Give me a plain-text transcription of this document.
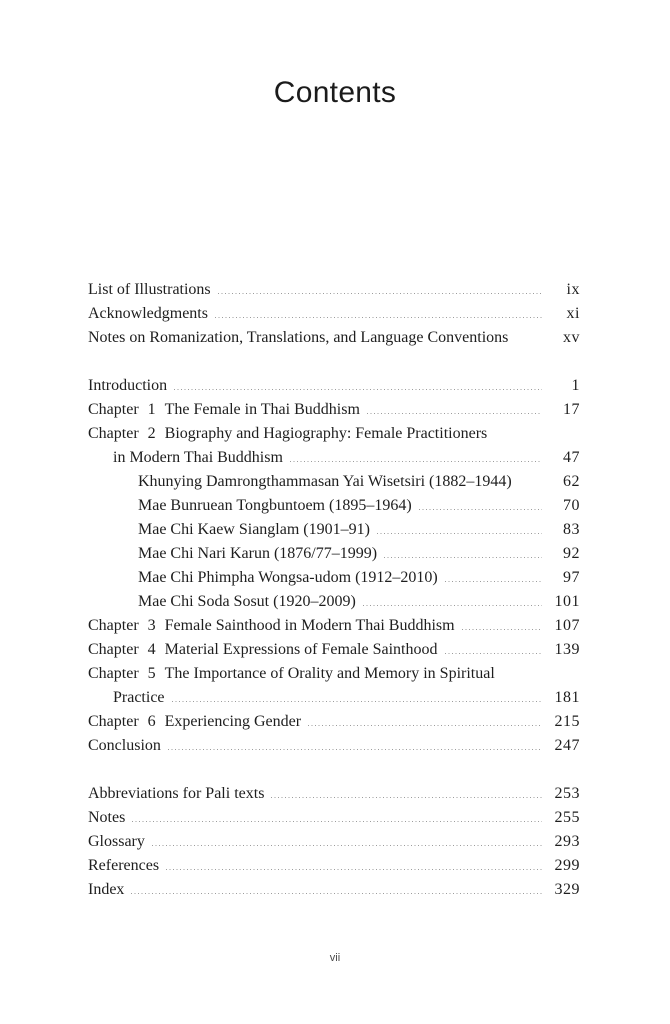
Contents
List of Illustrations	ix
Acknowledgments	xi
Notes on Romanization, Translations, and Language Conventions	xv
Introduction	1
Chapter 1 The Female in Thai Buddhism	17
Chapter 2 Biography and Hagiography: Female Practitioners
in Modern Thai Buddhism	47
Khunying Damrongthammasan Yai Wisetsiri (1882–1944)	62
Mae Bunruean Tongbuntoem (1895–1964)	70
Mae Chi Kaew Sianglam (1901–91)	83
Mae Chi Nari Karun (1876/77–1999)	92
Mae Chi Phimpha Wongsa-udom (1912–2010)	97
Mae Chi Soda Sosut (1920–2009)	101
Chapter 3 Female Sainthood in Modern Thai Buddhism	107
Chapter 4 Material Expressions of Female Sainthood	139
Chapter 5 The Importance of Orality and Memory in Spiritual
Practice	181
Chapter 6 Experiencing Gender	215
Conclusion	247
Abbreviations for Pali texts	253
Notes	255
Glossary	293
References	299
Index	329
vii
